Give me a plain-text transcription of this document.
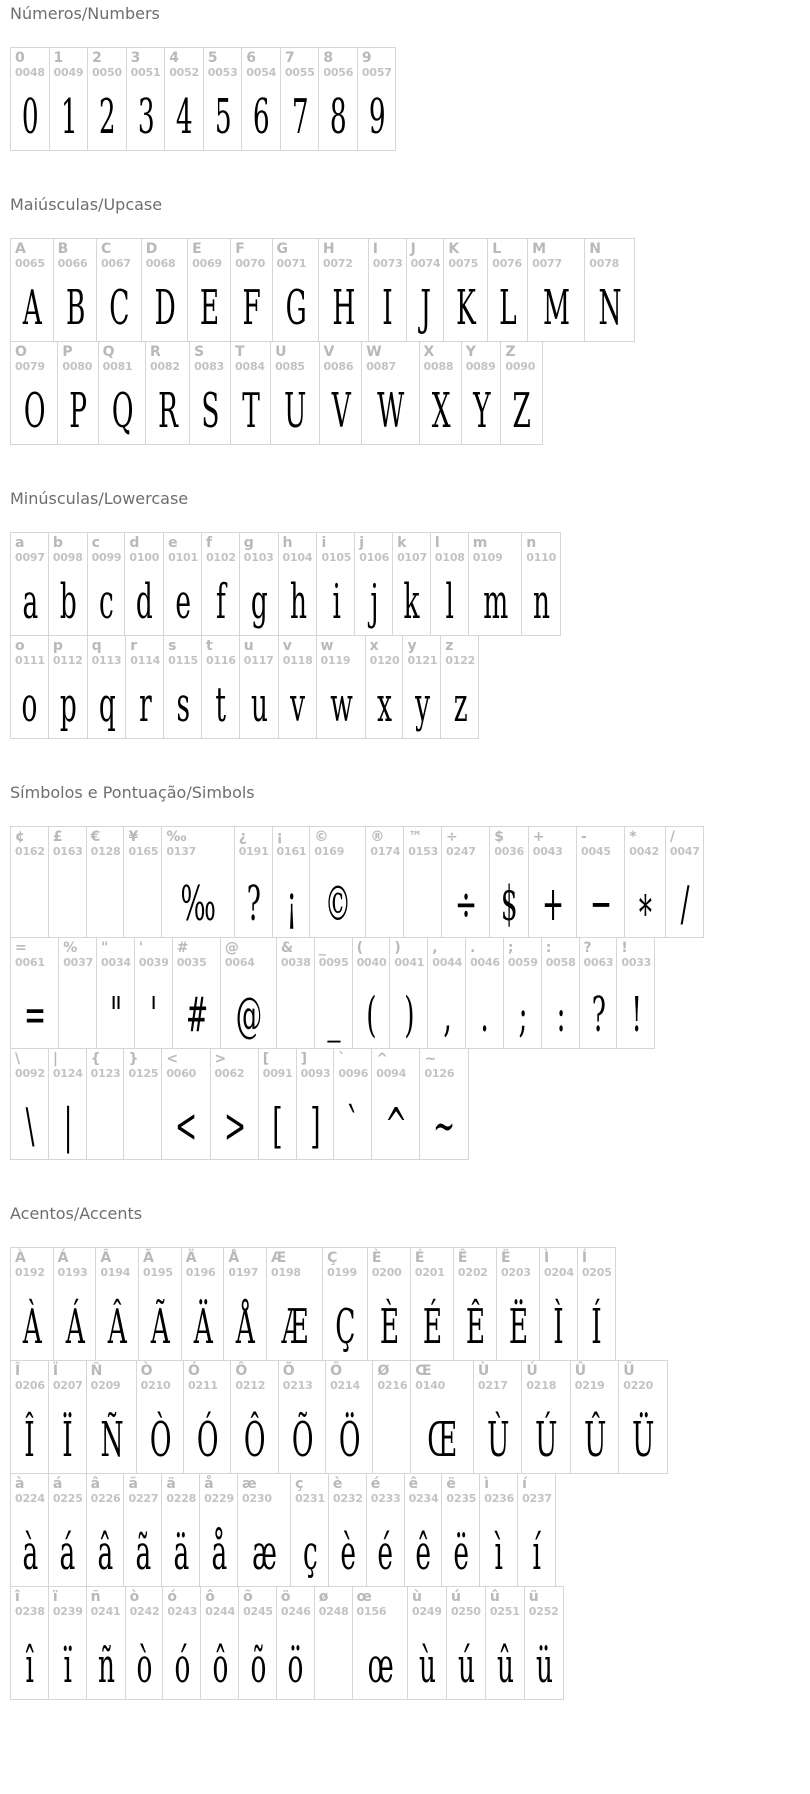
Números/Numbers
0
0048
0
1
0049
1
2
0050
2
3
0051
3
4
0052
4
5
0053
5
6
0054
6
7
0055
7
8
0056
8
9
0057
9
Maiúsculas/Upcase
A
0065
A
B
0066
B
C
0067
C
D
0068
D
E
0069
E
F
0070
F
G
0071
G
H
0072
H
I
0073
I
J
0074
J
K
0075
K
L
0076
L
M
0077
M
N
0078
N
O
0079
O
P
0080
P
Q
0081
Q
R
0082
R
S
0083
S
T
0084
T
U
0085
U
V
0086
V
W
0087
W
X
0088
X
Y
0089
Y
Z
0090
Z
Minúsculas/Lowercase
a
0097
a
b
0098
b
c
0099
c
d
0100
d
e
0101
e
f
0102
f
g
0103
g
h
0104
h
i
0105
i
j
0106
j
k
0107
k
l
0108
l
m
0109
m
n
0110
n
o
0111
o
p
0112
p
q
0113
q
r
0114
r
s
0115
s
t
0116
t
u
0117
u
v
0118
v
w
0119
w
x
0120
x
y
0121
y
z
0122
z
Símbolos e Pontuação/Simbols
¢
0162
£
0163
€
0128
¥
0165
‰
0137
‰
¿
0191
?
¡
0161
¡
©
0169
©
®
0174
™
0153
÷
0247
÷
$
0036
$
+
0043
+
-
0045
−
*
0042
∗
/
0047
/
=
0061
=
%
0037
"
0034
"
'
0039
'
#
0035
#
@
0064
@
&
0038
_
0095
_
(
0040
(
)
0041
)
,
0044
,
.
0046
.
;
0059
;
:
0058
:
?
0063
?
!
0033
!
\
0092
\
|
0124
|
{
0123
}
0125
<
0060
<
>
0062
>
[
0091
[
]
0093
]
`
0096
`
^
0094
^
~
0126
~
Acentos/Accents
À
0192
À
Á
0193
Á
Â
0194
Â
Ã
0195
Ã
Ä
0196
Ä
Å
0197
Å
Æ
0198
Æ
Ç
0199
Ç
È
0200
È
É
0201
É
Ê
0202
Ê
Ë
0203
Ë
Ì
0204
Ì
Í
0205
Í
Î
0206
Î
Ï
0207
Ï
Ñ
0209
Ñ
Ò
0210
Ò
Ó
0211
Ó
Ô
0212
Ô
Õ
0213
Õ
Ö
0214
Ö
Ø
0216
Œ
0140
Œ
Ù
0217
Ù
Ú
0218
Ú
Û
0219
Û
Ü
0220
Ü
à
0224
à
á
0225
á
â
0226
â
ã
0227
ã
ä
0228
ä
å
0229
å
æ
0230
æ
ç
0231
ç
è
0232
è
é
0233
é
ê
0234
ê
ë
0235
ë
ì
0236
ì
í
0237
í
î
0238
î
ï
0239
ï
ñ
0241
ñ
ò
0242
ò
ó
0243
ó
ô
0244
ô
õ
0245
õ
ö
0246
ö
ø
0248
œ
0156
œ
ù
0249
ù
ú
0250
ú
û
0251
û
ü
0252
ü
